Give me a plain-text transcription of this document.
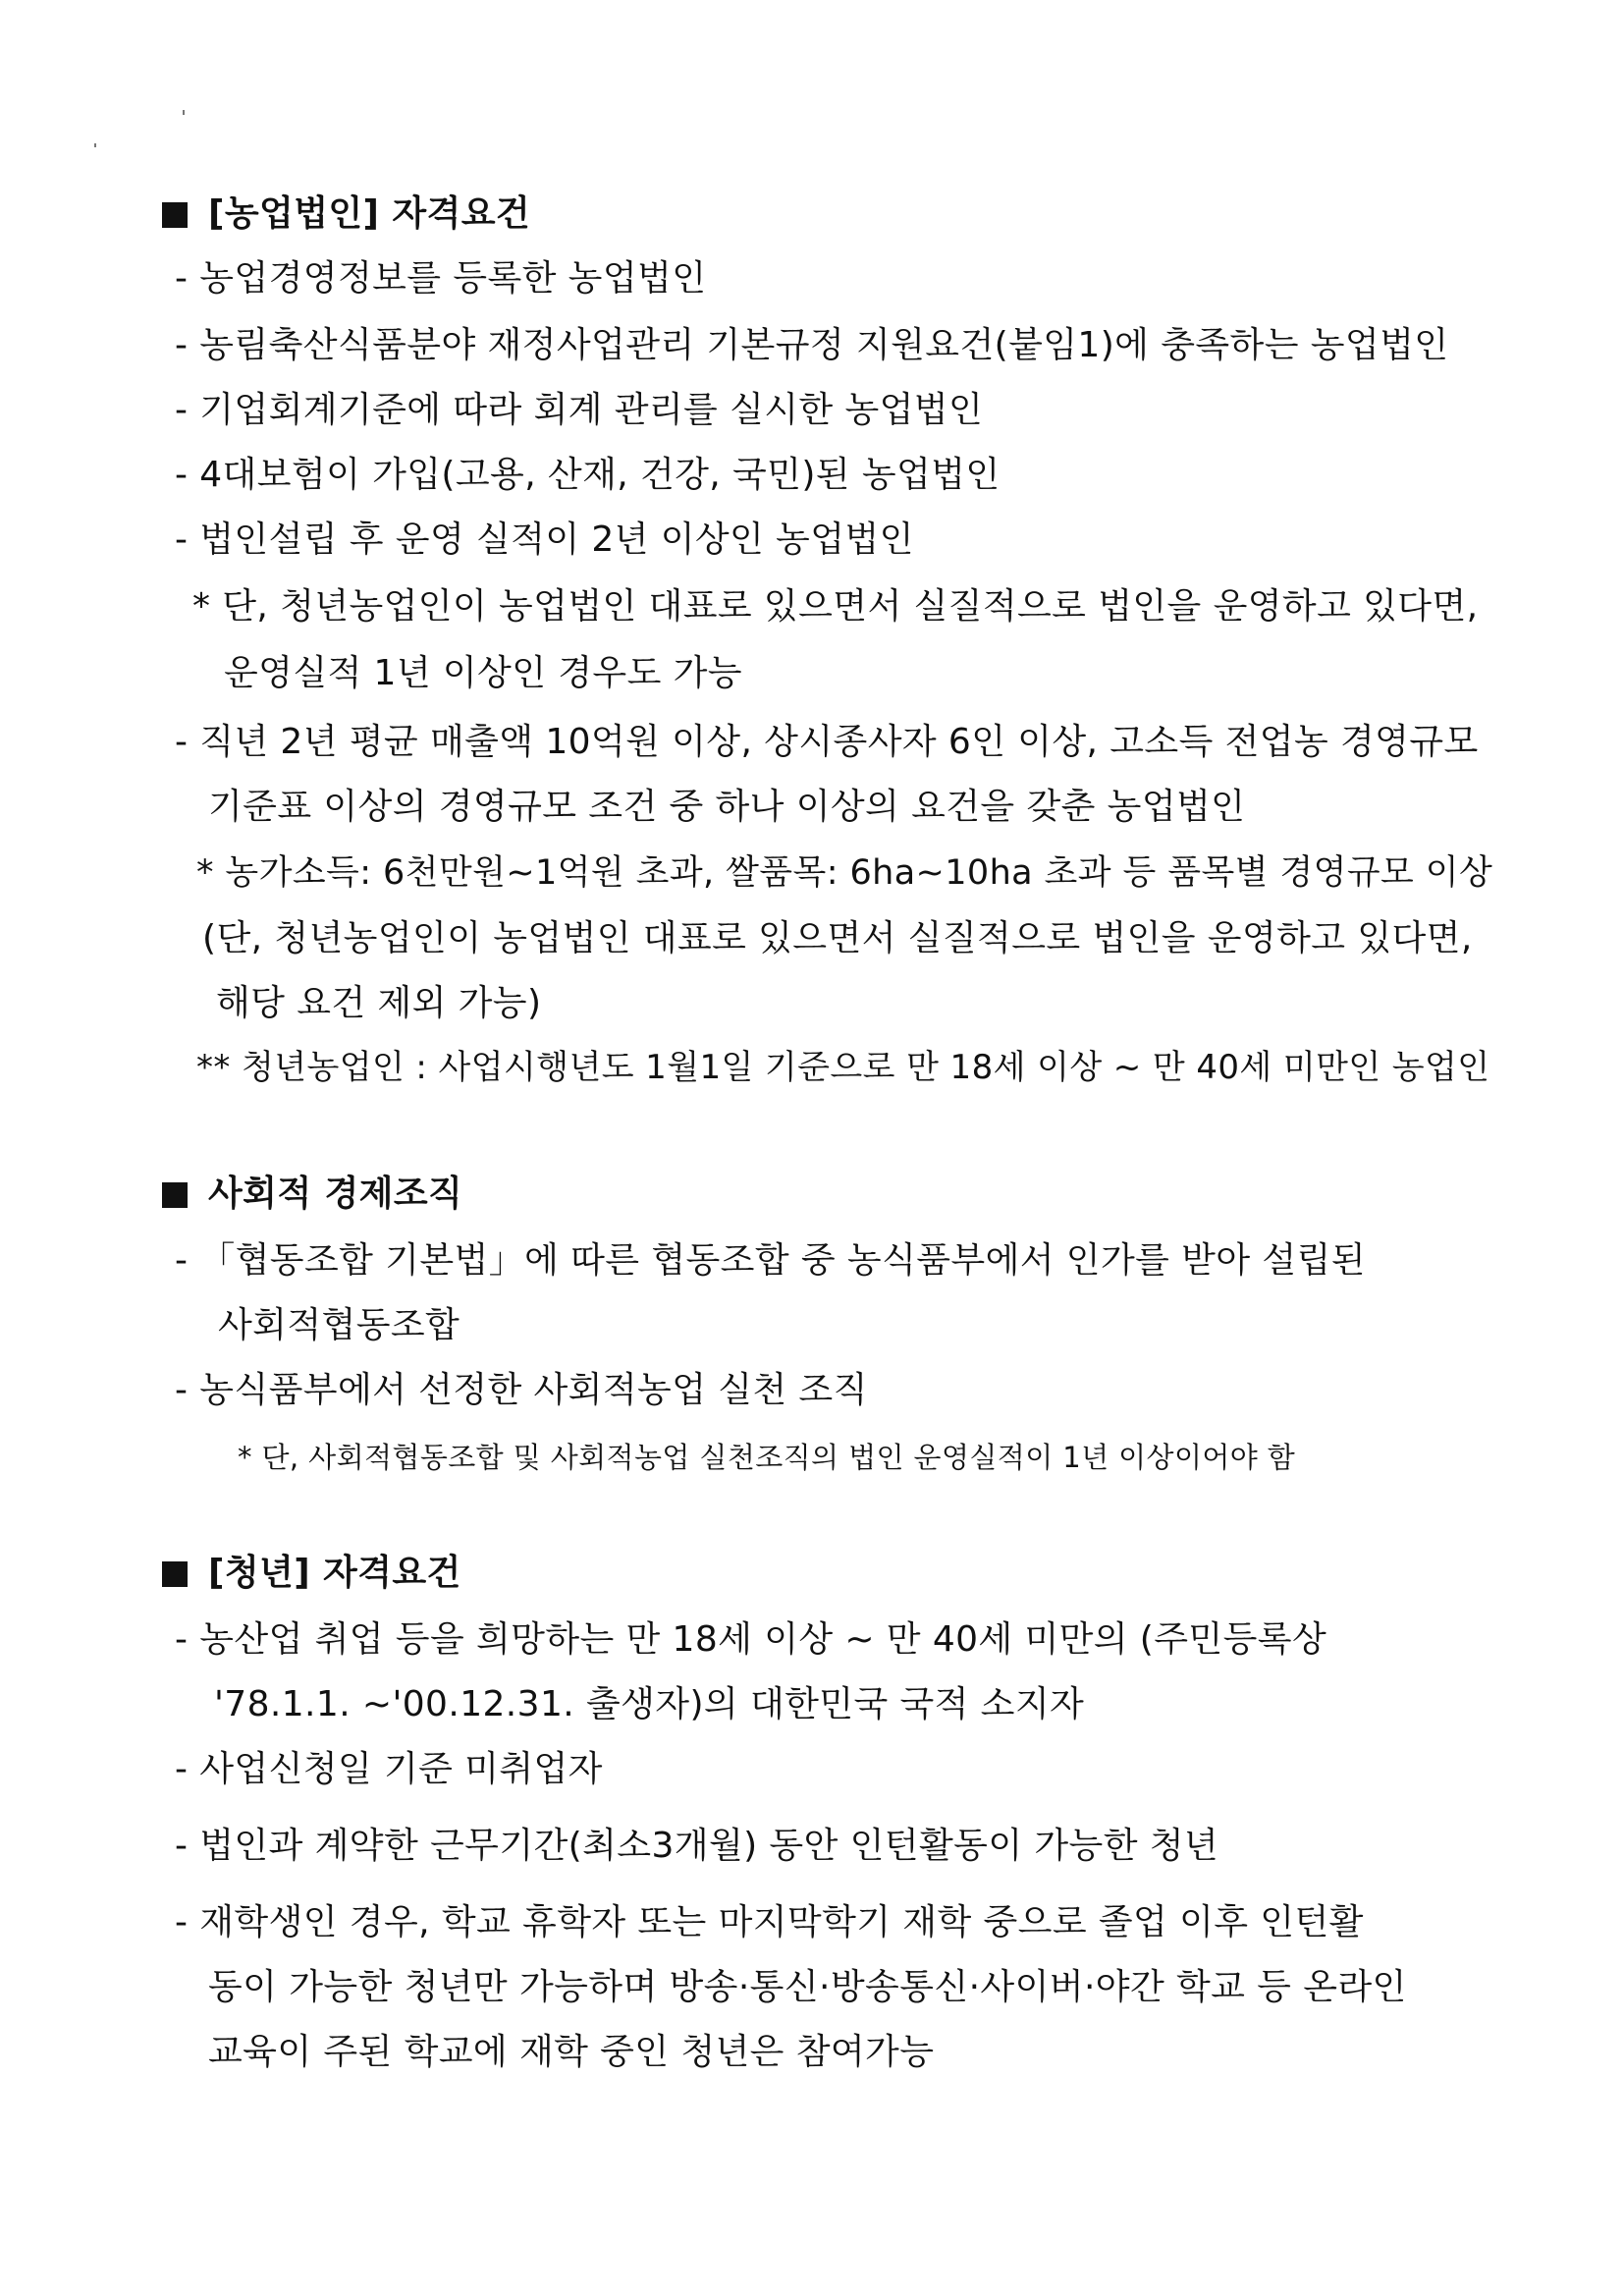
[농업법인] 자격요건
- 농업경영정보를 등록한 농업법인
- 농림축산식품분야 재정사업관리 기본규정 지원요건(붙임1)에 충족하는 농업법인
- 기업회계기준에 따라 회계 관리를 실시한 농업법인
- 4대보험이 가입(고용, 산재, 건강, 국민)된 농업법인
- 법인설립 후 운영 실적이 2년 이상인 농업법인
* 단, 청년농업인이 농업법인 대표로 있으면서 실질적으로 법인을 운영하고 있다면,
운영실적 1년 이상인 경우도 가능
- 직년 2년 평균 매출액 10억원 이상, 상시종사자 6인 이상, 고소득 전업농 경영규모
기준표 이상의 경영규모 조건 중 하나 이상의 요건을 갖춘 농업법인
* 농가소득: 6천만원~1억원 초과, 쌀품목: 6ha~10ha 초과 등 품목별 경영규모 이상
(단, 청년농업인이 농업법인 대표로 있으면서 실질적으로 법인을 운영하고 있다면,
해당 요건 제외 가능)
** 청년농업인 : 사업시행년도 1월1일 기준으로 만 18세 이상 ~ 만 40세 미만인 농업인
사회적 경제조직
- 「협동조합 기본법」에 따른 협동조합 중 농식품부에서 인가를 받아 설립된
사회적협동조합
- 농식품부에서 선정한 사회적농업 실천 조직
* 단, 사회적협동조합 및 사회적농업 실천조직의 법인 운영실적이 1년 이상이어야 함
[청년] 자격요건
- 농산업 취업 등을 희망하는 만 18세 이상 ~ 만 40세 미만의 (주민등록상
'78.1.1. ~'00.12.31. 출생자)의 대한민국 국적 소지자
- 사업신청일 기준 미취업자
- 법인과 계약한 근무기간(최소3개월) 동안 인턴활동이 가능한 청년
- 재학생인 경우, 학교 휴학자 또는 마지막학기 재학 중으로 졸업 이후 인턴활
동이 가능한 청년만 가능하며 방송·통신·방송통신·사이버·야간 학교 등 온라인
교육이 주된 학교에 재학 중인 청년은 참여가능
